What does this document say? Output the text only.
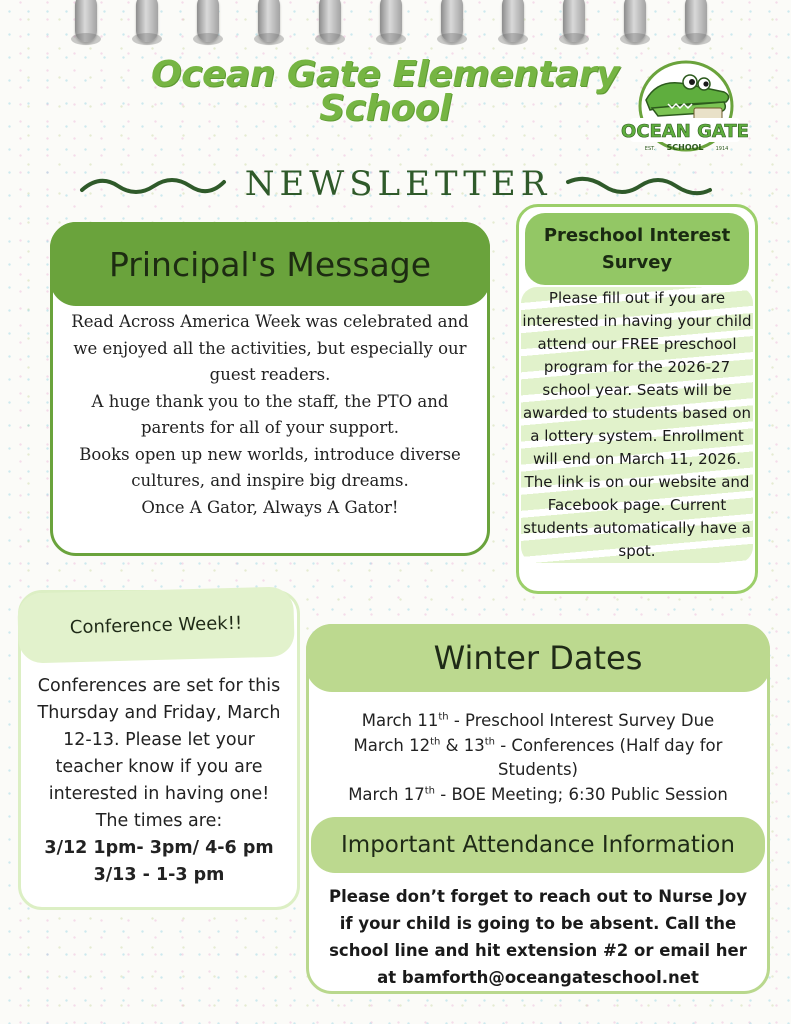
Ocean Gate Elementary School
OCEAN GATE
SCHOOL
EST.	1914
NEWSLETTER
Principal's Message

Read Across America Week was celebrated and we enjoyed all the activities, but especially our guest readers.

A huge thank you to the staff, the PTO and parents for all of your support.

Books open up new worlds, introduce diverse cultures, and inspire big dreams.

Once A Gator, Always A Gator!

Preschool Interest Survey
Please fill out if you are interested in having your child attend our FREE preschool program for the 2026-27 school year. Seats will be awarded to students based on a lottery system. Enrollment will end on March 11, 2026. The link is on our website and Facebook page. Current students automatically have a spot.
Conference Week!!
Conferences are set for this Thursday and Friday, March 12-13. Please let your teacher know if you are interested in having one! The times are:
3/12 1pm- 3pm/ 4-6 pm
3/13 - 1-3 pm
Winter Dates

March 11th - Preschool Interest Survey Due

March 12th & 13th - Conferences (Half day for Students)

March 17th - BOE Meeting; 6:30 Public Session

Important Attendance Information
Please don’t forget to reach out to Nurse Joy if your child is going to be absent. Call the school line and hit extension #2 or email her at bamforth@oceangateschool.net
